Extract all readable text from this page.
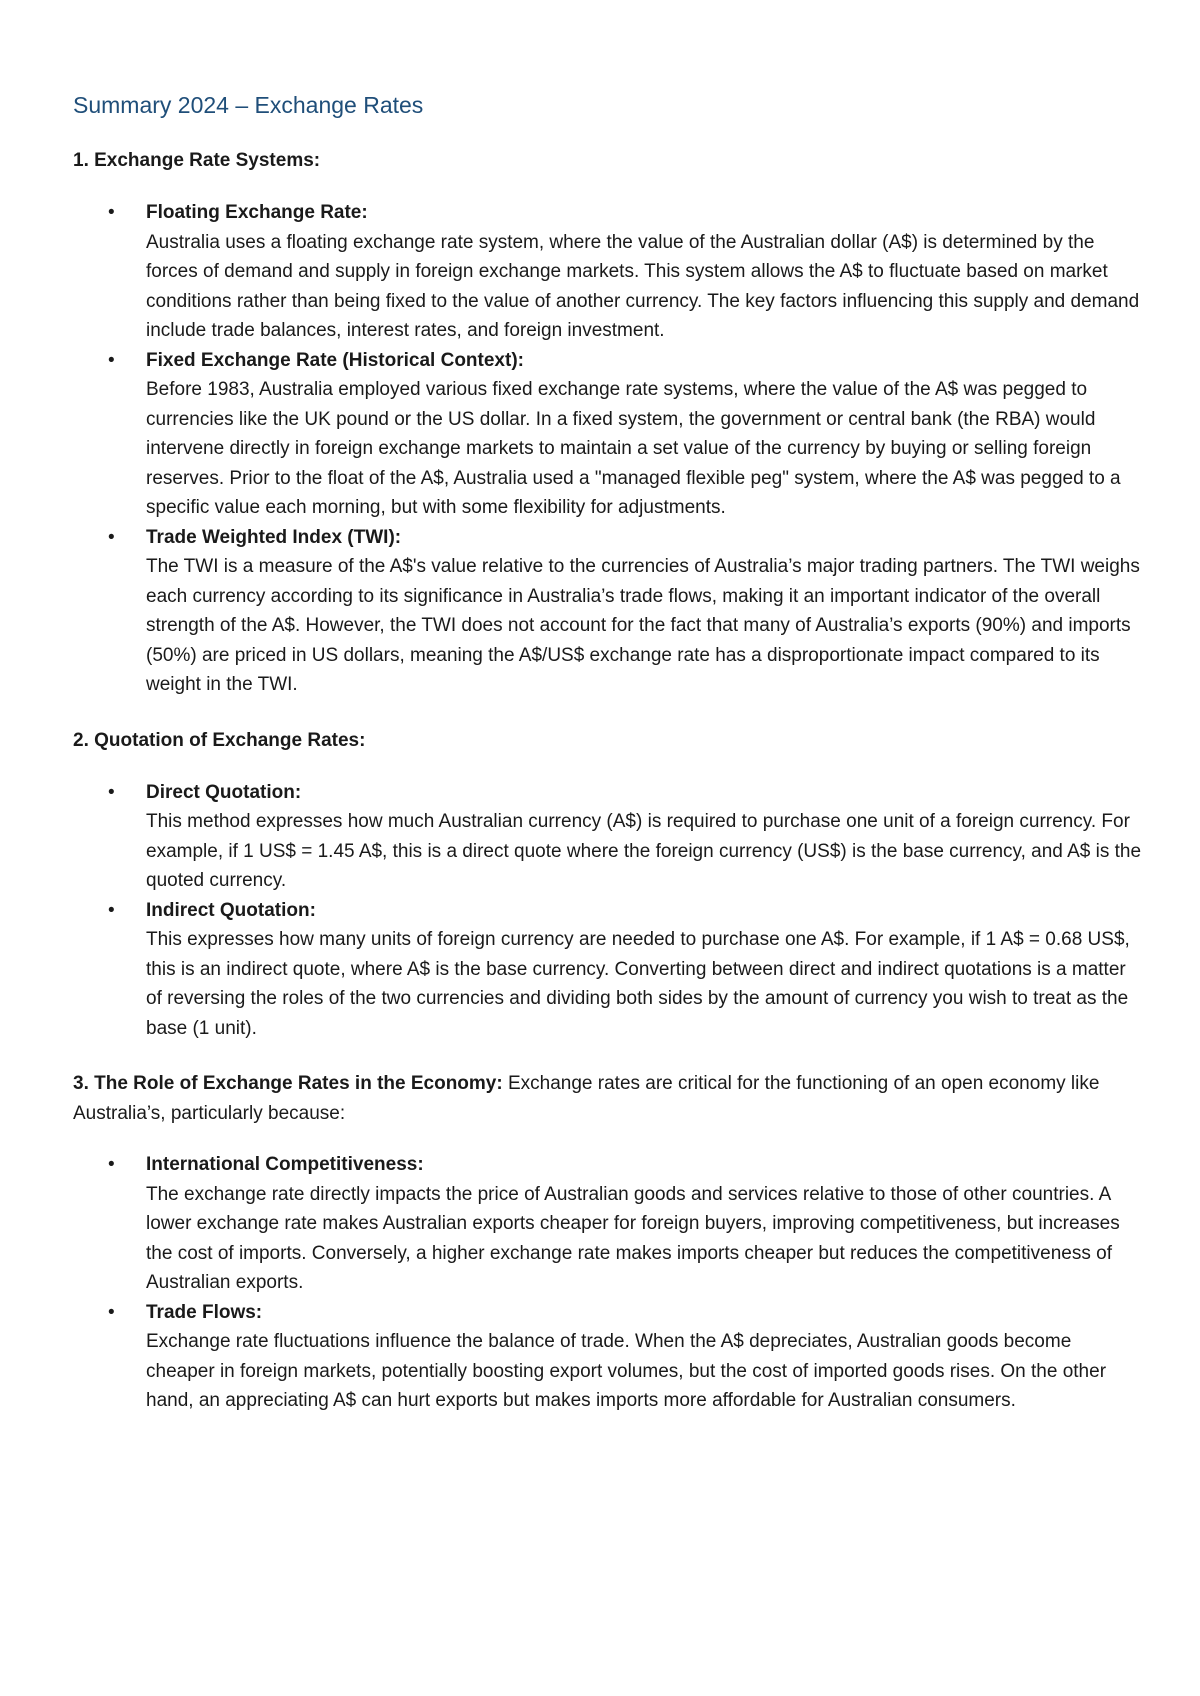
Summary 2024 – Exchange Rates
1. Exchange Rate Systems:
• Floating Exchange Rate:
Australia uses a floating exchange rate system, where the value of the Australian dollar (A$) is determined by the forces of demand and supply in foreign exchange markets. This system allows the A$ to fluctuate based on market conditions rather than being fixed to the value of another currency. The key factors influencing this supply and demand include trade balances, interest rates, and foreign investment.
• Fixed Exchange Rate (Historical Context):
Before 1983, Australia employed various fixed exchange rate systems, where the value of the A$ was pegged to currencies like the UK pound or the US dollar. In a fixed system, the government or central bank (the RBA) would intervene directly in foreign exchange markets to maintain a set value of the currency by buying or selling foreign reserves. Prior to the float of the A$, Australia used a "managed flexible peg" system, where the A$ was pegged to a specific value each morning, but with some flexibility for adjustments.
• Trade Weighted Index (TWI):
The TWI is a measure of the A$'s value relative to the currencies of Australia’s major trading partners. The TWI weighs each currency according to its significance in Australia’s trade flows, making it an important indicator of the overall strength of the A$. However, the TWI does not account for the fact that many of Australia’s exports (90%) and imports (50%) are priced in US dollars, meaning the A$/US$ exchange rate has a disproportionate impact compared to its weight in the TWI.
2. Quotation of Exchange Rates:
• Direct Quotation:
This method expresses how much Australian currency (A$) is required to purchase one unit of a foreign currency. For example, if 1 US$ = 1.45 A$, this is a direct quote where the foreign currency (US$) is the base currency, and A$ is the quoted currency.
• Indirect Quotation:
This expresses how many units of foreign currency are needed to purchase one A$. For example, if 1 A$ = 0.68 US$, this is an indirect quote, where A$ is the base currency. Converting between direct and indirect quotations is a matter of reversing the roles of the two currencies and dividing both sides by the amount of currency you wish to treat as the base (1 unit).
3. The Role of Exchange Rates in the Economy: Exchange rates are critical for the functioning of an open economy like Australia’s, particularly because:
• International Competitiveness:
The exchange rate directly impacts the price of Australian goods and services relative to those of other countries. A lower exchange rate makes Australian exports cheaper for foreign buyers, improving competitiveness, but increases the cost of imports. Conversely, a higher exchange rate makes imports cheaper but reduces the competitiveness of Australian exports.
• Trade Flows:
Exchange rate fluctuations influence the balance of trade. When the A$ depreciates, Australian goods become cheaper in foreign markets, potentially boosting export volumes, but the cost of imported goods rises. On the other hand, an appreciating A$ can hurt exports but makes imports more affordable for Australian consumers.
